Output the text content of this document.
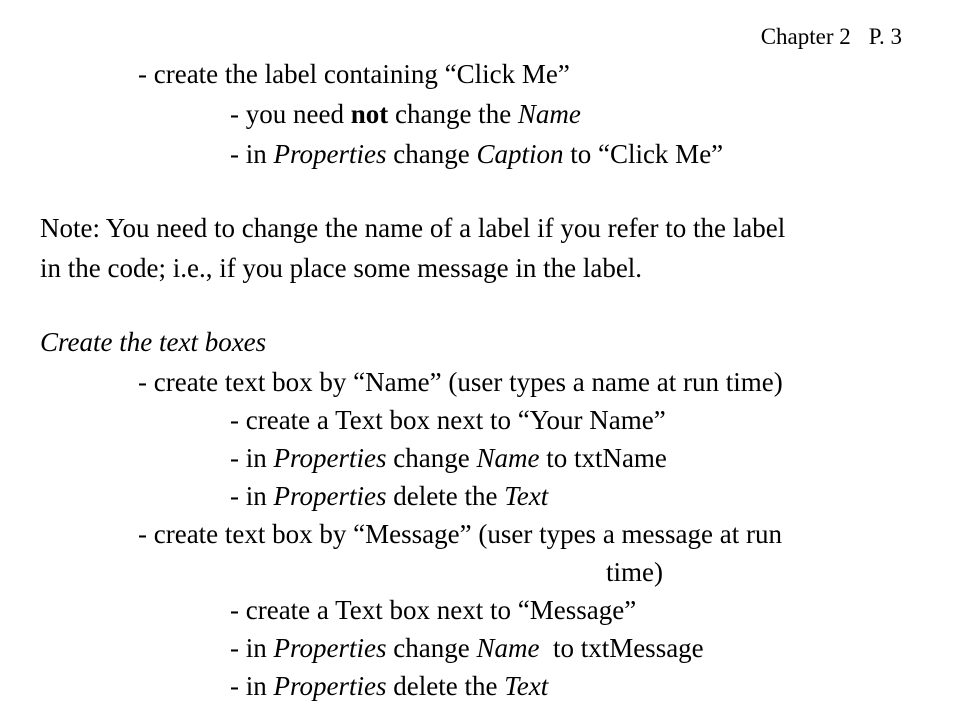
Chapter 2 P. 3
- create the label containing “Click Me”
- you need not change the Name
- in Properties change Caption to “Click Me”
Note: You need to change the name of a label if you refer to the label
in the code; i.e., if you place some message in the label.
Create the text boxes
- create text box by “Name” (user types a name at run time)
- create a Text box next to “Your Name”
- in Properties change Name to txtName
- in Properties delete the Text
- create text box by “Message” (user types a message at run
time)
- create a Text box next to “Message”
- in Properties change Name  to txtMessage
- in Properties delete the Text
